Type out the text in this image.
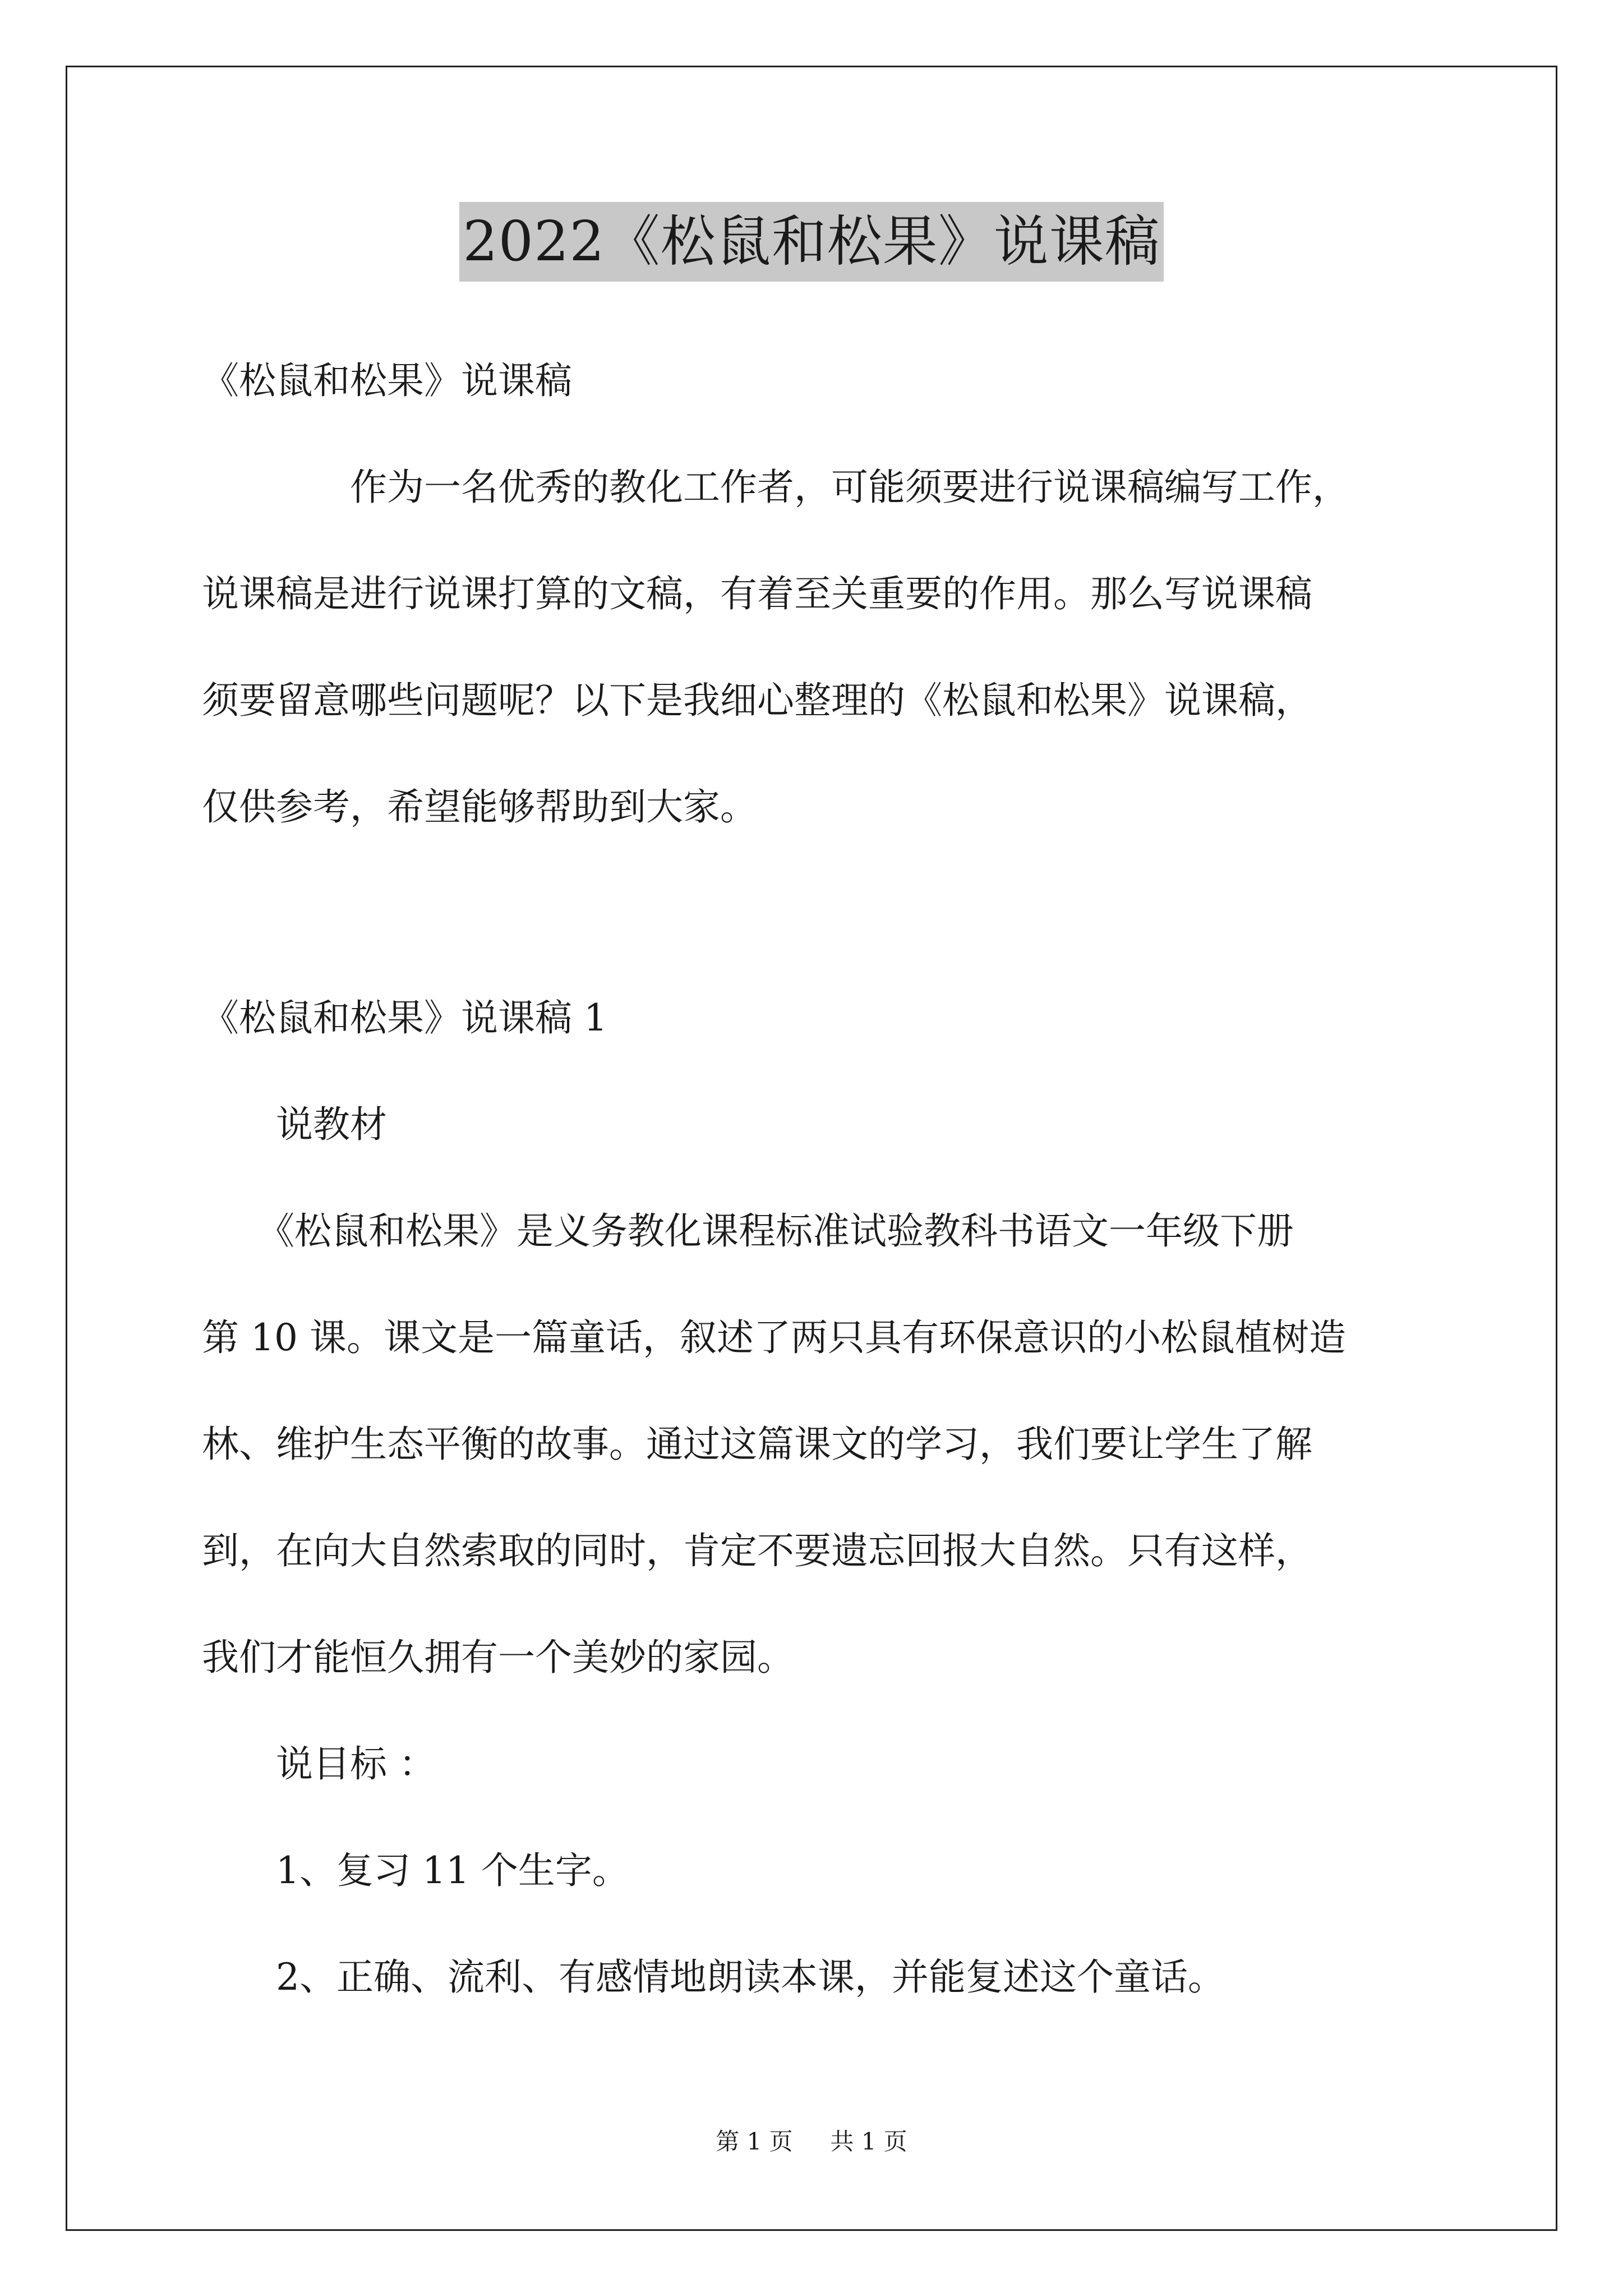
2022《松鼠和松果》说课稿
《松鼠和松果》说课稿
　　　　作为一名优秀的教化工作者，可能须要进行说课稿编写工作，
说课稿是进行说课打算的文稿，有着至关重要的作用。那么写说课稿
须要留意哪些问题呢？以下是我细心整理的《松鼠和松果》说课稿，
仅供参考，希望能够帮助到大家。
《松鼠和松果》说课稿 1
　　说教材
　　《松鼠和松果》是义务教化课程标准试验教科书语文一年级下册
第 10 课。课文是一篇童话，叙述了两只具有环保意识的小松鼠植树造
林、维护生态平衡的故事。通过这篇课文的学习，我们要让学生了解
到，在向大自然索取的同时，肯定不要遗忘回报大自然。只有这样，
我们才能恒久拥有一个美妙的家园。
　　说目标 ：
　　1、复习 11 个生字。
　　2、正确、流利、有感情地朗读本课，并能复述这个童话。
第 1 页 共 1 页
